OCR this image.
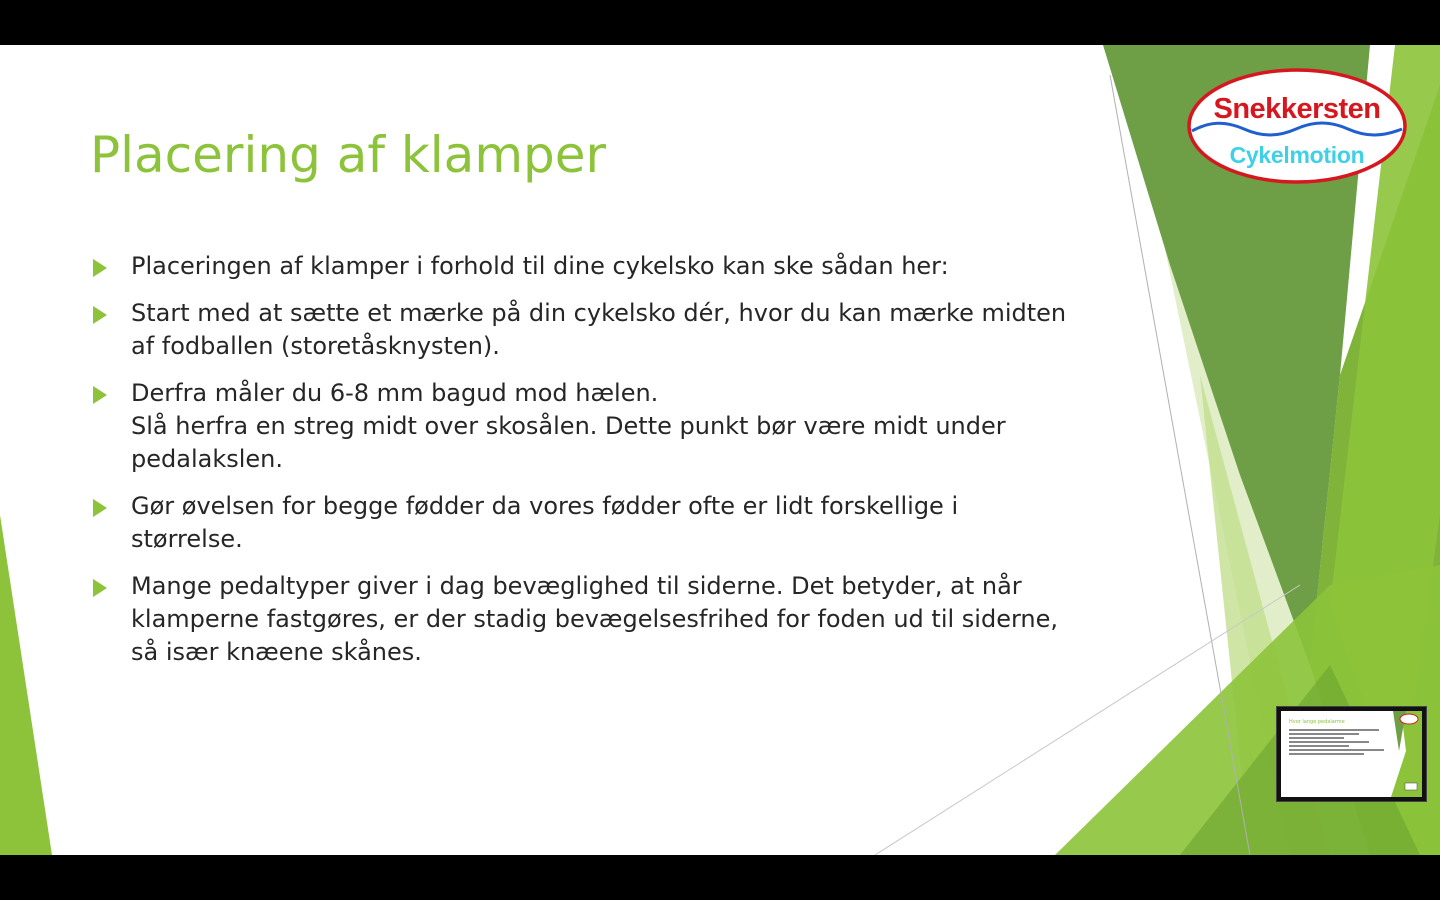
Placering af klamper
Placeringen af klamper i forhold til dine cykelsko kan ske sådan her:
Start med at sætte et mærke på din cykelsko dér, hvor du kan mærke midten
af fodballen (storetåsknysten).
Derfra måler du 6-8 mm bagud mod hælen.
Slå herfra en streg midt over skosålen. Dette punkt bør være midt under
pedalakslen.
Gør øvelsen for begge fødder da vores fødder ofte er lidt forskellige i
størrelse.
Mange pedaltyper giver i dag bevæglighed til siderne. Det betyder, at når
klamperne fastgøres, er der stadig bevægelsesfrihed for foden ud til siderne,
så især knæene skånes.
Snekkersten
Cykelmotion
Hvor lange pedalarme
